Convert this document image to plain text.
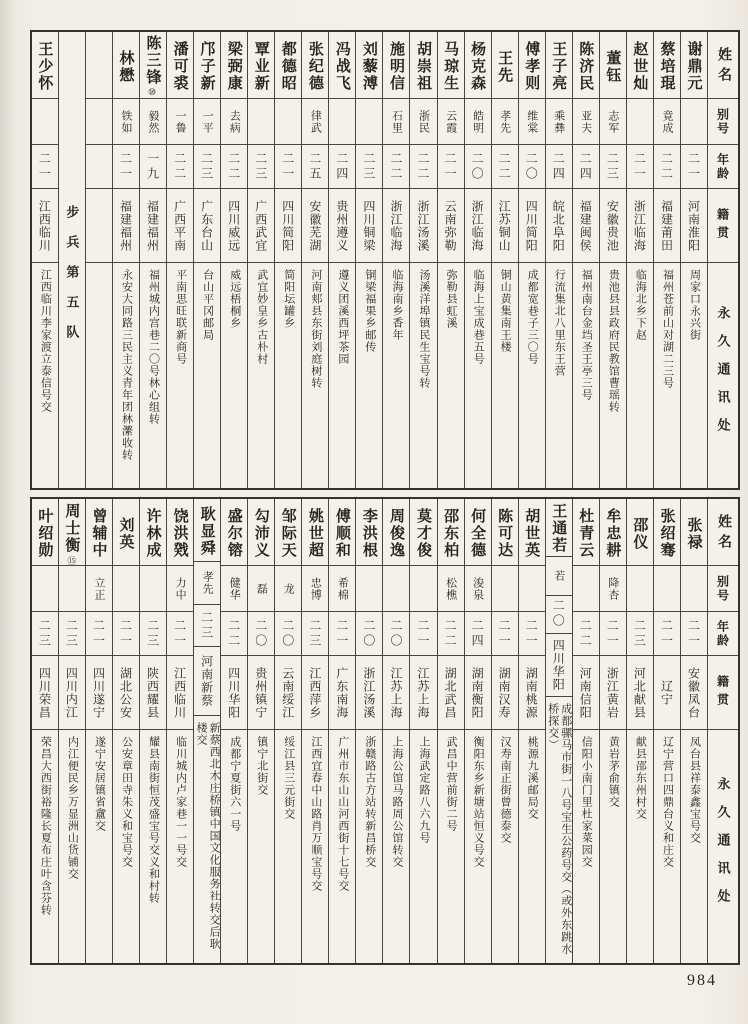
姓名
别号
年龄
籍贯
永久通讯处
谢鼎元
二一
河南淮阳
周家口永兴街
蔡培琨
竟成
二二
福建莆田
福州苍前山对湖二三号
赵世灿
二一
浙江临海
临海北乡下赵
董钰
志军
二三
安徽贵池
贵池县县政府民教馆曹瑶转
陈济民
亚夫
二四
福建闽侯
福州南台金垱圣王亭三号
王子亮
乘彝
二四
皖北阜阳
行流集北八里东王营
傅孝则
维棠
二〇
四川简阳
成都宽巷子三〇号
王先
孝先
二二
江苏铜山
铜山黄集南王楼
杨克森
皓明
二〇
浙江临海
临海上宝成巷五号
马琼生
云霞
二一
云南弥勒
弥勒县虹溪
胡崇祖
浙民
二二
浙江汤溪
汤溪洋埠镇民生宝号转
施明信
石里
二二
浙江临海
临海南乡香年
刘藜溥
二三
四川铜梁
铜梁福果乡邮传
冯战飞
二四
贵州遵义
遵义团溪西坪茶园
张纪德
律武
二五
安徽芜湖
河南郏县东街刘庭树转
都德昭
二一
四川简阳
简阳坛罐乡
覃业新
二三
广西武宜
武宜妙皇乡古朴村
梁弼康
去病
二二
四川威远
威远梧桐乡
邝子新
一平
二三
广东台山
台山平冈邮局
潘可裘
一鲁
二二
广西平南
平南思旺联新商号
陈三锋
⑩
毅然
一九
福建福州
福州城内宫巷二〇号林心组转
林懋
铁如
二一
福建福州
永安大同路三民主义青年团林瀿收转
步兵第五队
王少怀
二一
江西临川
江西临川李家渡立泰信号交
姓名
别号
年龄
籍贯
永久通讯处
张禄
二一
安徽凤台
凤台县祥泰鑫宝号交
张绍骞
二一
辽宁
辽宁营口四鼎台义和庄交
邵仪
二三
河北献县
献县邵东州村交
牟忠耕
降杏
二一
浙江黄岩
黄岩茅俞镇交
杜青云
二二
河南信阳
信阳小南门里杜家菜园交
王通若
若
二〇
四川华阳
成都骡马市街一八号宝生公药号交（或外东跳水桥探交）
胡世英
二一
湖南桃源
桃源九溪邮局交
陈可达
二一
湖南汉寿
汉寿南正街曾德泰交
何全德
浚泉
二四
湖南衡阳
衡阳东乡新塘站恒义号交
邵东柏
松樵
二二
湖北武昌
武昌中营前街二号
莫才俊
二一
江苏上海
上海武定路八六九号
周俊逸
二〇
江苏上海
上海公馆马路周公馆转交
李洪根
二〇
浙江汤溪
浙赣路古方站转新昌桥交
傅顺和
希棉
二一
广东南海
广州市东山山河西街十七号交
姚世超
忠博
二三
江西萍乡
江西宜春中山路肖万顺宝号交
邹际天
龙
二〇
云南绥江
绥江县三元街交
勾沛义
磊
二〇
贵州镇宁
镇宁北街交
盛尔镕
健华
二二
四川华阳
成都宁夏街六一号
耿显舜
孝先
二三
河南新蔡
新蔡西北木庄桥镇中国文化服务社转交后耿楼交
饶洪戣
力中
二一
江西临川
临川城内卢家巷一一号交
许林成
二三
陕西耀县
耀县南街恒茂盛宝号交义和村转
刘英
二一
湖北公安
公安章田寺朱义和宝号交
曾辅中
立正
二一
四川遂宁
遂宁安居镇省盦交
周士衡
⑮
二三
四川内江
内江便民乡万显洲山货铺交
叶绍勋
二三
四川荣昌
荣昌大西街裕隆长夏布庄叶含芬转
984
